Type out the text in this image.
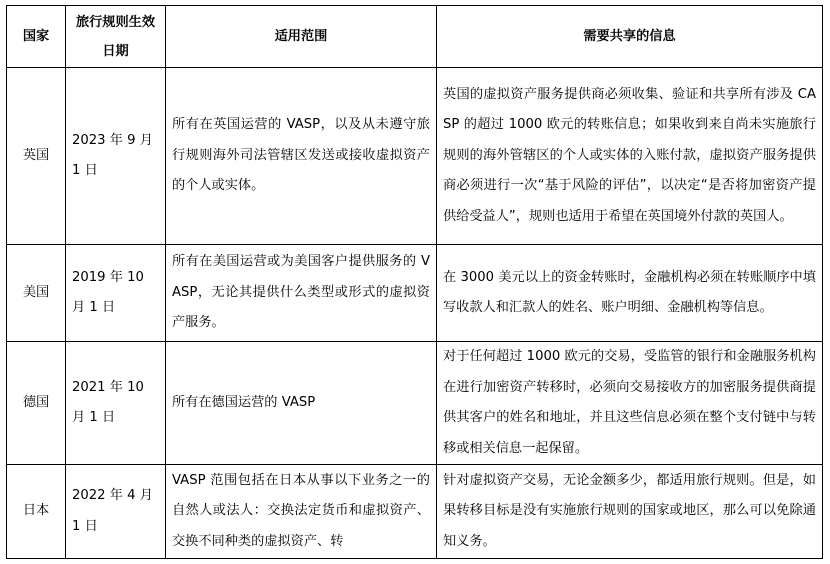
国家	旅行规则生效日期	适用范围	需要共享的信息

英国	2023 年 9 月 1 日	所有在英国运营的 VASP，以及从未遵守旅行规则海外司法管辖区发送或接收虚拟资产的个人或实体。	英国的虚拟资产服务提供商必须收集、验证和共享所有涉及 CASP 的超过 1000 欧元的转账信息；如果收到来自尚未实施旅行规则的海外管辖区的个人或实体的入账付款，虚拟资产服务提供商必须进行一次“基于风险的评估”，以决定“是否将加密资产提供给受益人”，规则也适用于希望在英国境外付款的英国人。

美国	2019 年 10 月 1 日	所有在美国运营或为美国客户提供服务的 VASP，无论其提供什么类型或形式的虚拟资产服务。	在 3000 美元以上的资金转账时，金融机构必须在转账顺序中填写收款人和汇款人的姓名、账户明细、金融机构等信息。

德国	2021 年 10 月 1 日	所有在德国运营的 VASP	对于任何超过 1000 欧元的交易，受监管的银行和金融服务机构在进行加密资产转移时，必须向交易接收方的加密服务提供商提供其客户的姓名和地址，并且这些信息必须在整个支付链中与转移或相关信息一起保留。

日本	2022 年 4 月 1 日	VASP 范围包括在日本从事以下业务之一的自然人或法人：交换法定货币和虚拟资产、交换不同种类的虚拟资产、转	针对虚拟资产交易，无论金额多少，都适用旅行规则。但是，如果转移目标是没有实施旅行规则的国家或地区，那么可以免除通知义务。
